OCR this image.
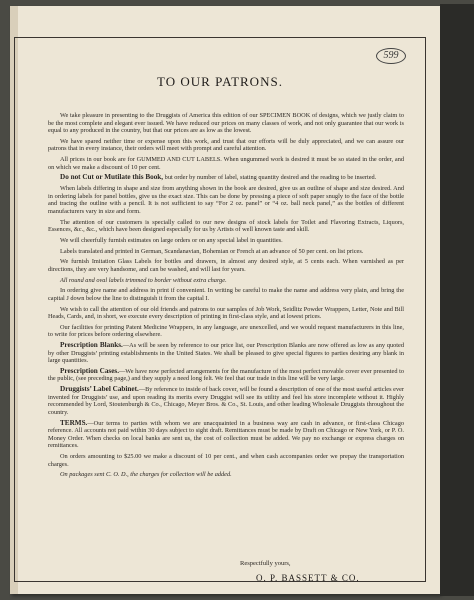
599
TO OUR PATRONS.

We take pleasure in presenting to the Druggists of America this edition of our SPECIMEN BOOK of designs, which we justly claim to be the most complete and elegant ever issued. We have reduced our prices on many classes of work, and not only guarantee that our work is equal to any produced in the country, but that our prices are as low as the lowest.

We have spared neither time or expense upon this work, and trust that our efforts will be duly appreciated, and we can assure our patrons that in every instance, their orders will meet with prompt and careful attention.

All prices in our book are for GUMMED AND CUT LABELS. When ungummed work is desired it must be so stated in the order, and on which we make a discount of 10 per cent.

Do not Cut or Mutilate this Book, but order by number of label, stating quantity desired and the reading to be inserted.

When labels differing in shape and size from anything shown in the book are desired, give us an outline of shape and size desired. And in ordering labels for panel bottles, give us the exact size. This can be done by pressing a piece of soft paper snugly to the face of the bottle and tracing the outline with a pencil. It is not sufficient to say “For 2 oz. panel” or “4 oz. ball neck panel,” as the bottles of different manufacturers vary in size and form.

The attention of our customers is specially called to our new designs of stock labels for Toilet and Flavoring Extracts, Liquors, Essences, &c., &c., which have been designed especially for us by Artists of well known taste and skill.

We will cheerfully furnish estimates on large orders or on any special label in quantities.

Labels translated and printed in German, Scandanavian, Bohemian or French at an advance of 50 per cent. on list prices.

We furnish Imitation Glass Labels for bottles and drawers, in almost any desired style, at 5 cents each. When varnished as per directions, they are very handsome, and can be washed, and will last for years.

All round and oval labels trimmed to border without extra charge.

In ordering give name and address in print if convenient. In writing be careful to make the name and address very plain, and bring the capital J down below the line to distinguish it from the capital I.

We wish to call the attention of our old friends and patrons to our samples of Job Work, Seidlitz Powder Wrappers, Letter, Note and Bill Heads, Cards, and, in short, we execute every description of printing in first-class style, and at lowest prices.

Our facilities for printing Patent Medicine Wrappers, in any language, are unexcelled, and we would request manufacturers in this line, to write for prices before ordering elsewhere.

Prescription Blanks.—As will be seen by reference to our price list, our Prescription Blanks are now offered as low as any quoted by other Druggists’ printing establishments in the United States. We shall be pleased to give special figures to parties desiring any blank in large quantities.

Prescription Cases.—We have now perfected arrangements for the manufacture of the most perfect movable cover ever presented to the public, (see preceding page,) and they supply a need long felt. We feel that our trade in this line will be very large.

Druggists’ Label Cabinet.—By reference to inside of back cover, will be found a description of one of the most useful articles ever invented for Druggists’ use, and upon reading its merits every Druggist will see its utility and feel his store incomplete without it. Highly recommended by Lord, Stoutenburgh & Co., Chicago, Meyer Bros. & Co., St. Louis, and other leading Wholesale Druggists throughout the country.

TERMS.—Our terms to parties with whom we are unacquainted in a business way are cash in advance, or first-class Chicago reference. All accounts not paid within 30 days subject to sight draft. Remittances must be made by Draft on Chicago or New York, or P. O. Money Order. When checks on local banks are sent us, the cost of collection must be added. We pay no exchange or express charges on remittances.

On orders amounting to $25.00 we make a discount of 10 per cent., and when cash accompanies order we prepay the transportation charges.

On packages sent C. O. D., the charges for collection will be added.

Respectfully yours,
O. P. BASSETT & CO.
